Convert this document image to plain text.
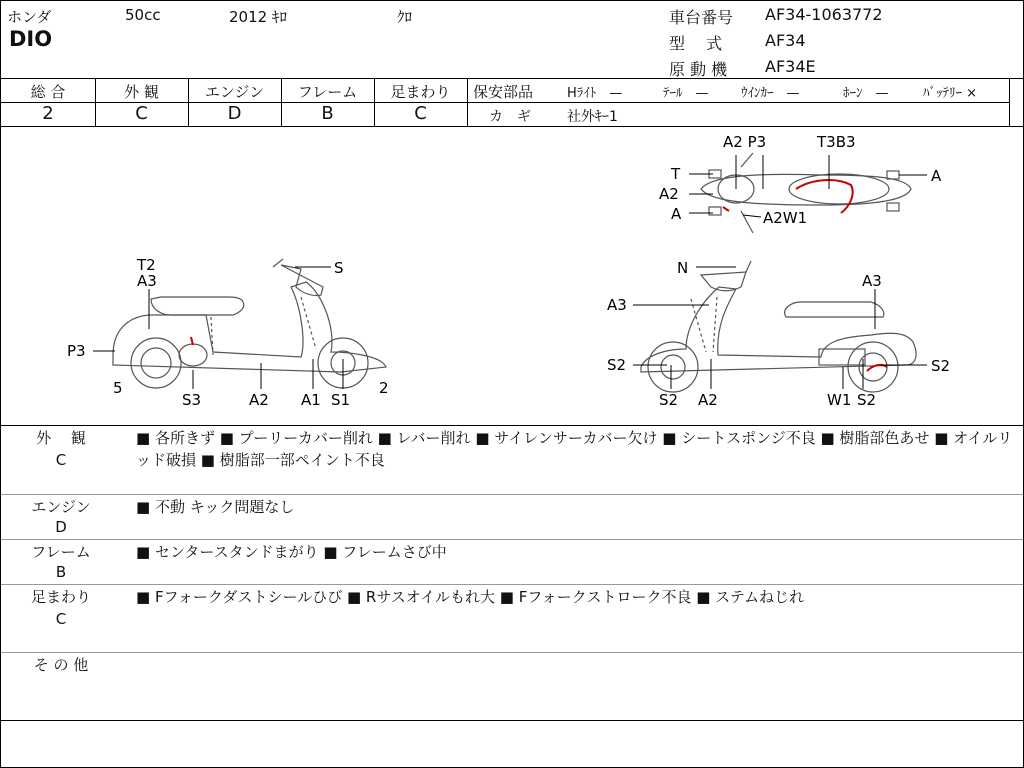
ホンダ	50cc	2012 ｷﾛ	ｸﾛ
DIO
車台番号 AF34-1063772
型　 式	AF34
原 動 機 AF34E
総 合
2
外 観
C
エンジン
D
フレーム
B
足まわり
C
保安部品	Hﾗｲﾄ　—	ﾃｰﾙ　— ｳｲﾝｶｰ　—	ﾎｰﾝ　—	ﾊﾞｯﾃﾘｰ ×
カ　ギ	社外ｷｰ1
A2 P3	T3B3
T
A2
A	A2W1
A
T2
A3
S
P3
5
S3	A2 A1 S1
2
N
A3
A3
S2
S2 A2	W1 S2
S2
外　 観
C
■ 各所きず ■ プーリーカバー削れ ■ レバー削れ ■ サイレンサーカバー欠け ■ シートスポンジ不良 ■ 樹脂部色あせ ■ オイルリッド破損 ■ 樹脂部一部ペイント不良
エンジン
D
■ 不動 キック問題なし
フレーム
B
■ センタースタンドまがり ■ フレームさび中
足まわり
C
■ Fフォークダストシールひび ■ Rサスオイルもれ大 ■ Fフォークストローク不良 ■ ステムねじれ
そ の 他
